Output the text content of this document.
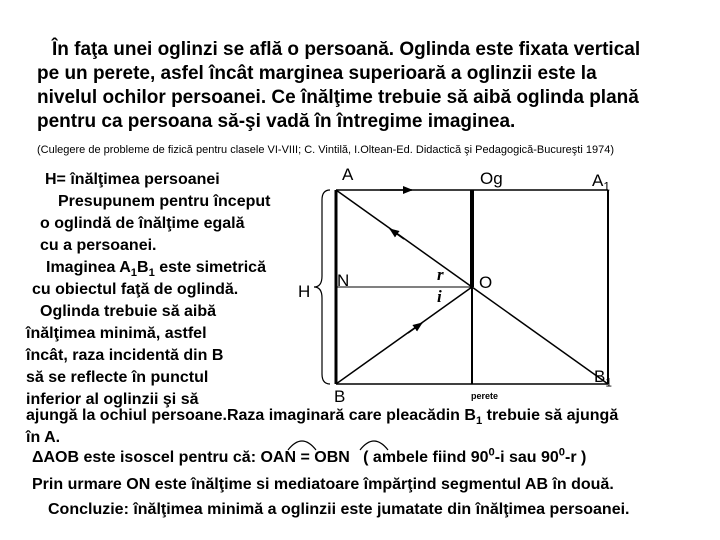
În faţa unei oglinzi se află o persoană. Oglinda este fixata vertical
pe un perete, asfel încât marginea superioară a oglinzii este la
nivelul ochilor persoanei. Ce înălţime trebuie să aibă oglinda plană
pentru ca persoana să-şi vadă în întregime imaginea.
(Culegere de probleme de fizică pentru clasele VI-VIII; C. Vintilă, I.Oltean-Ed. Didactică şi Pedagogică-Bucureşti 1974)
A	Og	$A_1$
H
N	O
r
i
$B_1$
B	perete
H= înălţimea persoanei
Presupunem pentru început
o oglindă de înălţime egală
cu a persoanei.
Imaginea $A_1B_1$ este simetrică
cu obiectul faţă de oglindă.
Oglinda trebuie să aibă
înălţimea minimă, astfel
încât, raza incidentă din B
să se reflecte în punctul
inferior al oglinzii şi să
ajungă la ochiul persoane.Raza imaginară care pleacădin $B_1$ trebuie să ajungă
în A.
ΔAOB este isoscel pentru că: OAN = OBN   ( ambele fiind $90^0-i$ sau $90^0-r$ )
Prin urmare ON este înălţime si mediatoare împărţind segmentul AB în două.
Concluzie: înălţimea minimă a oglinzii este jumatate din înălţimea persoanei.
